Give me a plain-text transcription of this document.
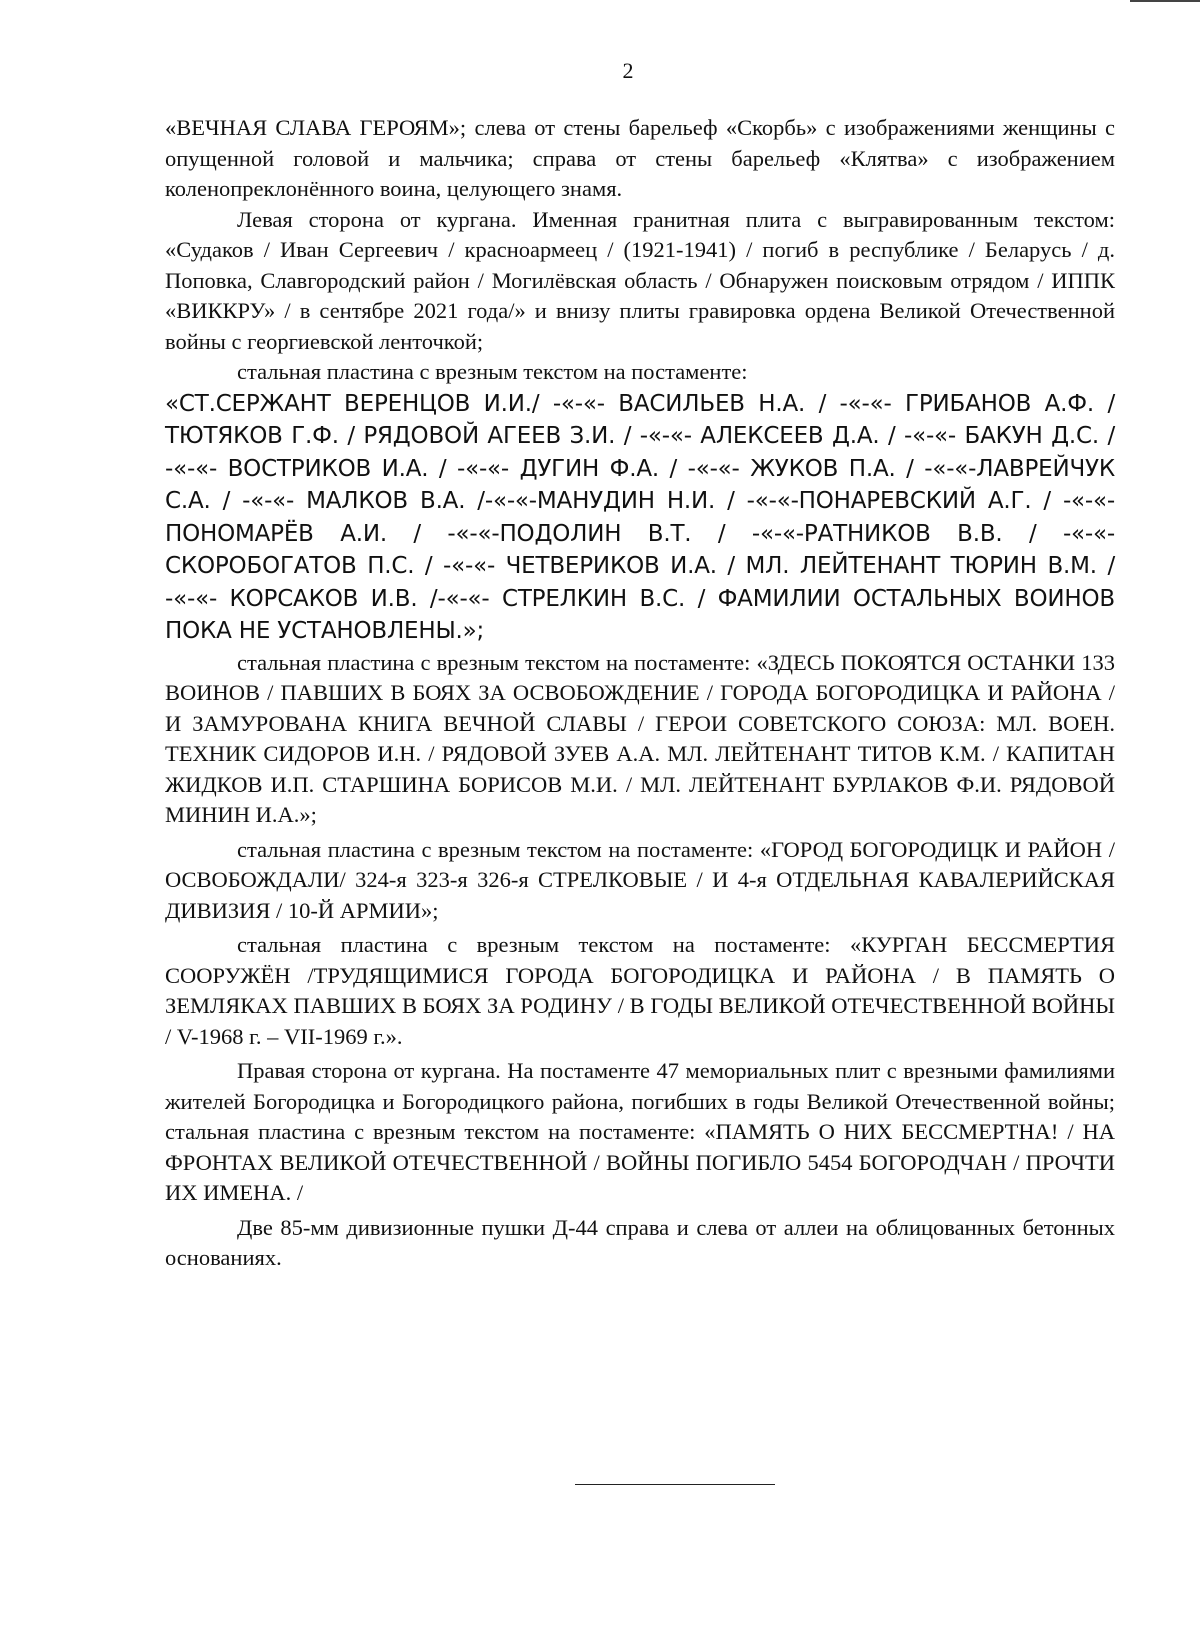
2

«ВЕЧНАЯ СЛАВА ГЕРОЯМ»; слева от стены барельеф «Скорбь» с изображениями женщины с опущенной головой и мальчика; справа от стены барельеф «Клятва» с изображением коленопреклонённого воина, целующего знамя.

Левая сторона от кургана. Именная гранитная плита с выгравированным текстом: «Судаков / Иван Сергеевич / красноармеец / (1921-1941) / погиб в республике / Беларусь / д. Поповка, Славгородский район / Могилёвская область / Обнаружен поисковым отрядом / ИППК «ВИККРУ» / в сентябре 2021 года/» и внизу плиты гравировка ордена Великой Отечественной войны с георгиевской ленточкой;

стальная пластина с врезным текстом на постаменте:

«СТ.СЕРЖАНТ ВЕРЕНЦОВ И.И./ -«-«- ВАСИЛЬЕВ Н.А. / -«-«- ГРИБАНОВ А.Ф. / ТЮТЯКОВ Г.Ф. / РЯДОВОЙ АГЕЕВ З.И. / -«-«- АЛЕКСЕЕВ Д.А. / -«-«- БАКУН Д.С. / -«-«- ВОСТРИКОВ И.А. / -«-«- ДУГИН Ф.А. / -«-«- ЖУКОВ П.А. / -«-«-ЛАВРЕЙЧУК С.А. / -«-«- МАЛКОВ В.А. /-«-«-МАНУДИН Н.И. / -«-«-ПОНАРЕВСКИЙ А.Г. / -«-«-ПОНОМАРЁВ А.И. / -«-«-ПОДОЛИН В.Т. / -«-«-РАТНИКОВ В.В. / -«-«-СКОРОБОГАТОВ П.С. / -«-«- ЧЕТВЕРИКОВ И.А. / МЛ. ЛЕЙТЕНАНТ ТЮРИН В.М. / -«-«- КОРСАКОВ И.В. /-«-«- СТРЕЛКИН В.С. / ФАМИЛИИ ОСТАЛЬНЫХ ВОИНОВ ПОКА НЕ УСТАНОВЛЕНЫ.»;

стальная пластина с врезным текстом на постаменте: «ЗДЕСЬ ПОКОЯТСЯ ОСТАНКИ 133 ВОИНОВ / ПАВШИХ В БОЯХ ЗА ОСВОБОЖДЕНИЕ / ГОРОДА БОГОРОДИЦКА И РАЙОНА / И ЗАМУРОВАНА КНИГА ВЕЧНОЙ СЛАВЫ / ГЕРОИ СОВЕТСКОГО СОЮЗА: МЛ. ВОЕН. ТЕХНИК СИДОРОВ И.Н. / РЯДОВОЙ ЗУЕВ А.А. МЛ. ЛЕЙТЕНАНТ ТИТОВ К.М. / КАПИТАН ЖИДКОВ И.П. СТАРШИНА БОРИСОВ М.И. / МЛ. ЛЕЙТЕНАНТ БУРЛАКОВ Ф.И. РЯДОВОЙ МИНИН И.А.»;

стальная пластина с врезным текстом на постаменте: «ГОРОД БОГОРОДИЦК И РАЙОН / ОСВОБОЖДАЛИ/ 324-я 323-я 326-я СТРЕЛКОВЫЕ / И 4-я ОТДЕЛЬНАЯ КАВАЛЕРИЙСКАЯ ДИВИЗИЯ / 10-Й АРМИИ»;

стальная пластина с врезным текстом на постаменте: «КУРГАН БЕССМЕРТИЯ СООРУЖЁН /ТРУДЯЩИМИСЯ ГОРОДА БОГОРОДИЦКА И РАЙОНА / В ПАМЯТЬ О ЗЕМЛЯКАХ ПАВШИХ В БОЯХ ЗА РОДИНУ / В ГОДЫ ВЕЛИКОЙ ОТЕЧЕСТВЕННОЙ ВОЙНЫ / V-1968 г. – VII-1969 г.».

Правая сторона от кургана. На постаменте 47 мемориальных плит с врезными фамилиями жителей Богородицка и Богородицкого района, погибших в годы Великой Отечественной войны; стальная пластина с врезным текстом на постаменте: «ПАМЯТЬ О НИХ БЕССМЕРТНА! / НА ФРОНТАХ ВЕЛИКОЙ ОТЕЧЕСТВЕННОЙ / ВОЙНЫ ПОГИБЛО 5454 БОГОРОДЧАН / ПРОЧТИ ИХ ИМЕНА. /

Две 85-мм дивизионные пушки Д-44 справа и слева от аллеи на облицованных бетонных основаниях.
